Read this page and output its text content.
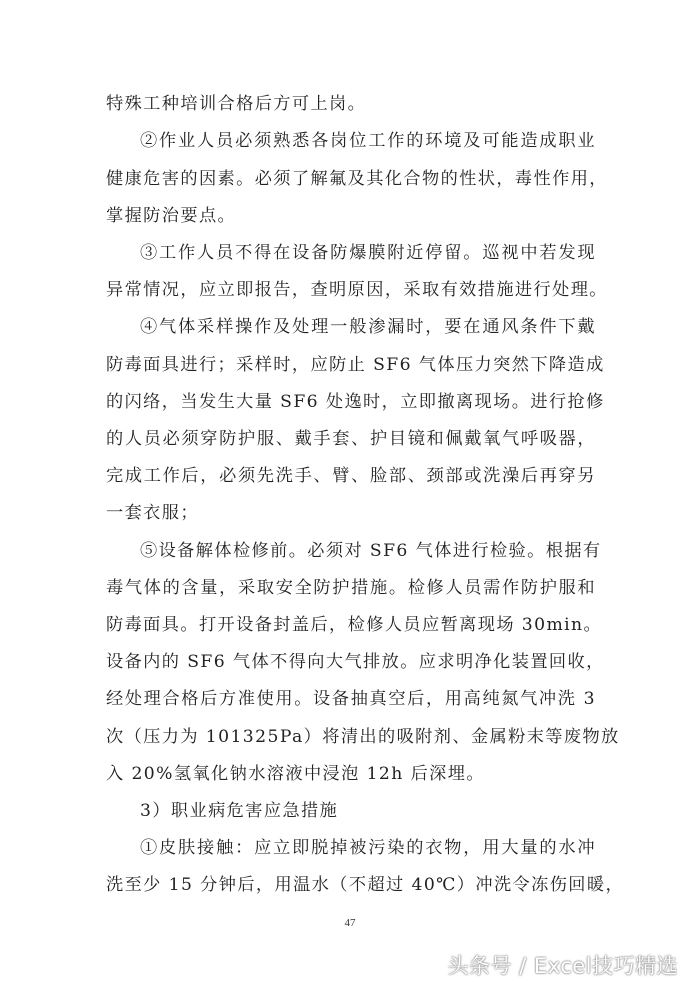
特殊工种培训合格后方可上岗。
②作业人员必须熟悉各岗位工作的环境及可能造成职业
健康危害的因素。必须了解氟及其化合物的性状，毒性作用，
掌握防治要点。
③工作人员不得在设备防爆膜附近停留。巡视中若发现
异常情况，应立即报告，查明原因，采取有效措施进行处理。
④气体采样操作及处理一般渗漏时，要在通风条件下戴
防毒面具进行；采样时，应防止 SF6 气体压力突然下降造成
的闪络，当发生大量 SF6 处逸时，立即撤离现场。进行抢修
的人员必须穿防护服、戴手套、护目镜和佩戴氧气呼吸器，
完成工作后，必须先洗手、臂、脸部、颈部或洗澡后再穿另
一套衣服；
⑤设备解体检修前。必须对 SF6 气体进行检验。根据有
毒气体的含量，采取安全防护措施。检修人员需作防护服和
防毒面具。打开设备封盖后，检修人员应暂离现场 30min。
设备内的 SF6 气体不得向大气排放。应求明净化装置回收，
经处理合格后方准使用。设备抽真空后，用高纯氮气冲洗 3
次（压力为 101325Pa）将清出的吸附剂、金属粉末等废物放
入 20%氢氧化钠水溶液中浸泡 12h 后深埋。
3）职业病危害应急措施
①皮肤接触：应立即脱掉被污染的衣物，用大量的水冲
洗至少 15 分钟后，用温水（不超过 40℃）冲洗令冻伤回暖，
47
头条号 / Excel技巧精选
